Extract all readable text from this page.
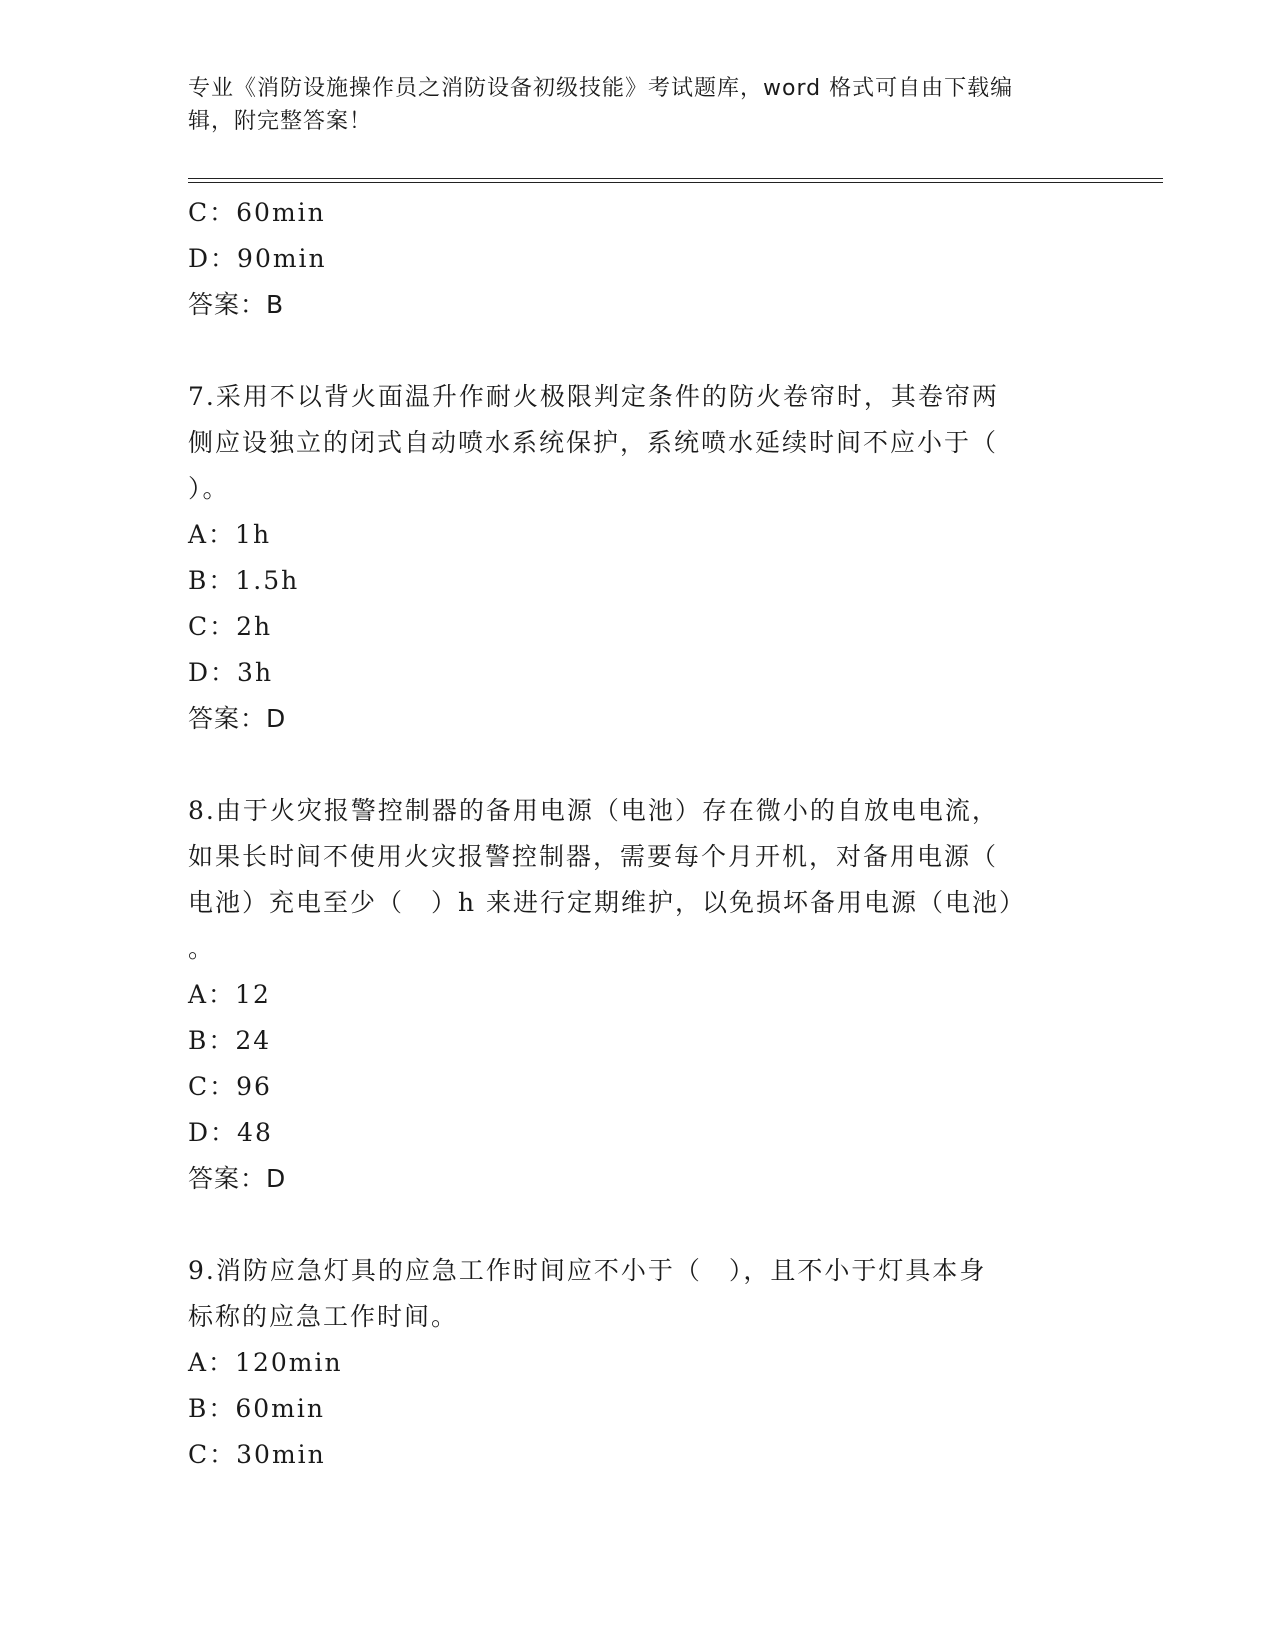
专业《消防设施操作员之消防设备初级技能》考试题库，word 格式可自由下载编
辑，附完整答案！
C：60min
D：90min
答案：B
7.采用不以背火面温升作耐火极限判定条件的防火卷帘时，其卷帘两
侧应设独立的闭式自动喷水系统保护，系统喷水延续时间不应小于（
）。
A：1h
B：1.5h
C：2h
D：3h
答案：D
8.由于火灾报警控制器的备用电源（电池）存在微小的自放电电流，
如果长时间不使用火灾报警控制器，需要每个月开机，对备用电源（
电池）充电至少（　）h 来进行定期维护，以免损坏备用电源（电池）
。
A：12
B：24
C：96
D：48
答案：D
9.消防应急灯具的应急工作时间应不小于（　），且不小于灯具本身
标称的应急工作时间。
A：120min
B：60min
C：30min
